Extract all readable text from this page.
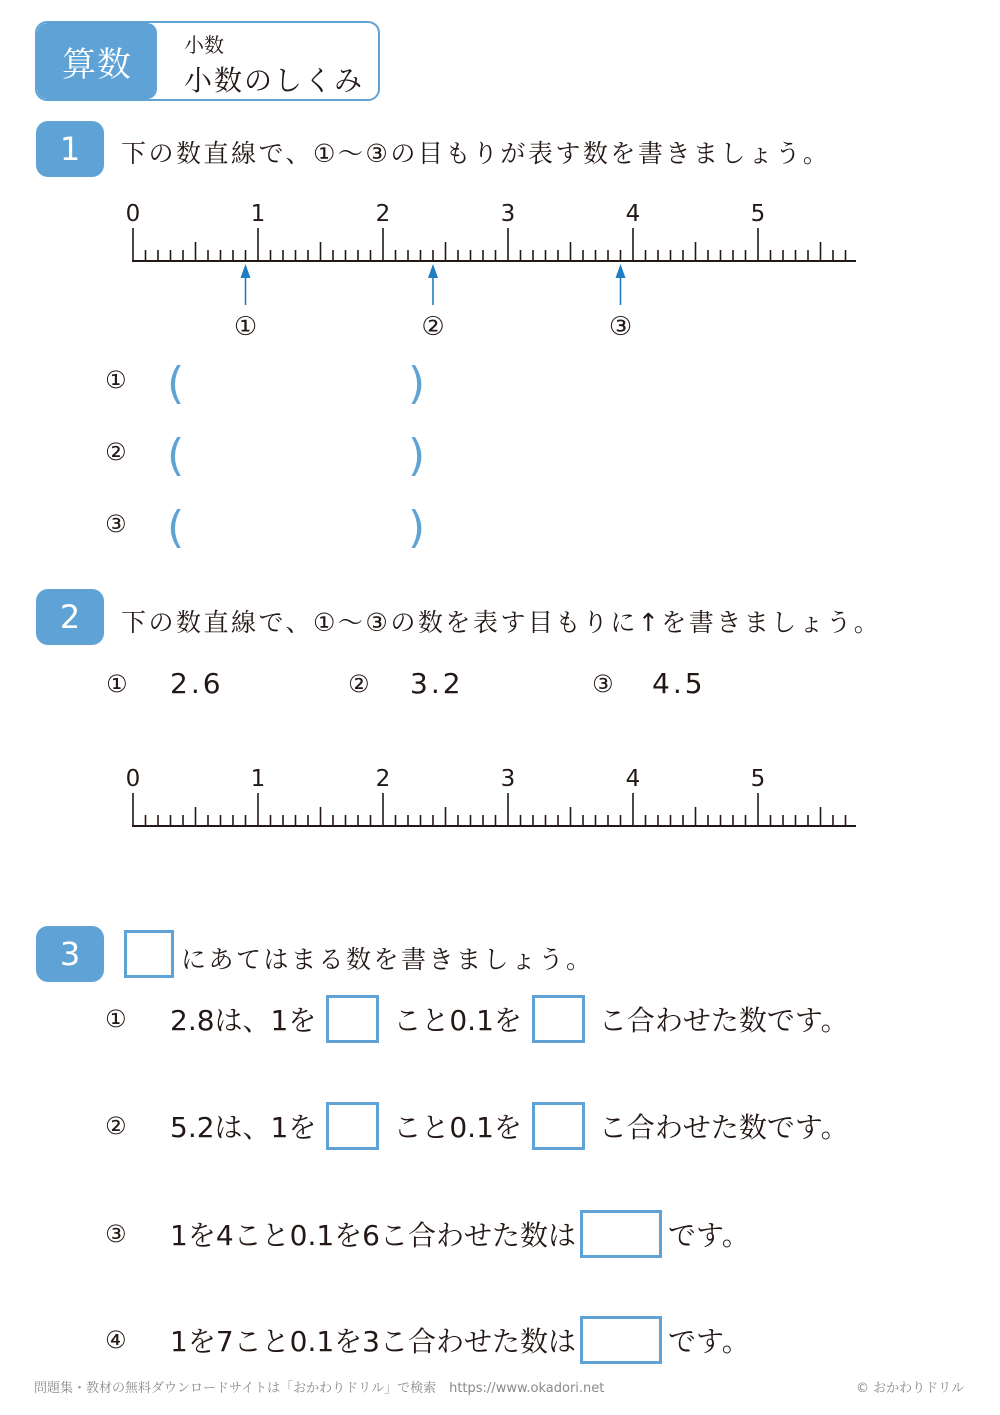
算数	小数
小数のしくみ
1	下の数直線で、①～③の目もりが表す数を書きましょう。
0	1	2	3	4	5
①	②	③
① (	)
② (	)
③ (	)
2	下の数直線で、①～③の数を表す目もりに↑を書きましょう。
① 2.6	② 3.2	③ 4.5
0	1	2	3	4	5
3	にあてはまる数を書きましょう。
①	2.8は、1を	こと0.1を	こ合わせた数です。
②	5.2は、1を	こと0.1を	こ合わせた数です。
③	1を4こと0.1を6こ合わせた数は	です。
④	1を7こと0.1を3こ合わせた数は	です。
問題集・教材の無料ダウンロードサイトは「おかわりドリル」で検索　https://www.okadori.net	© おかわりドリル
